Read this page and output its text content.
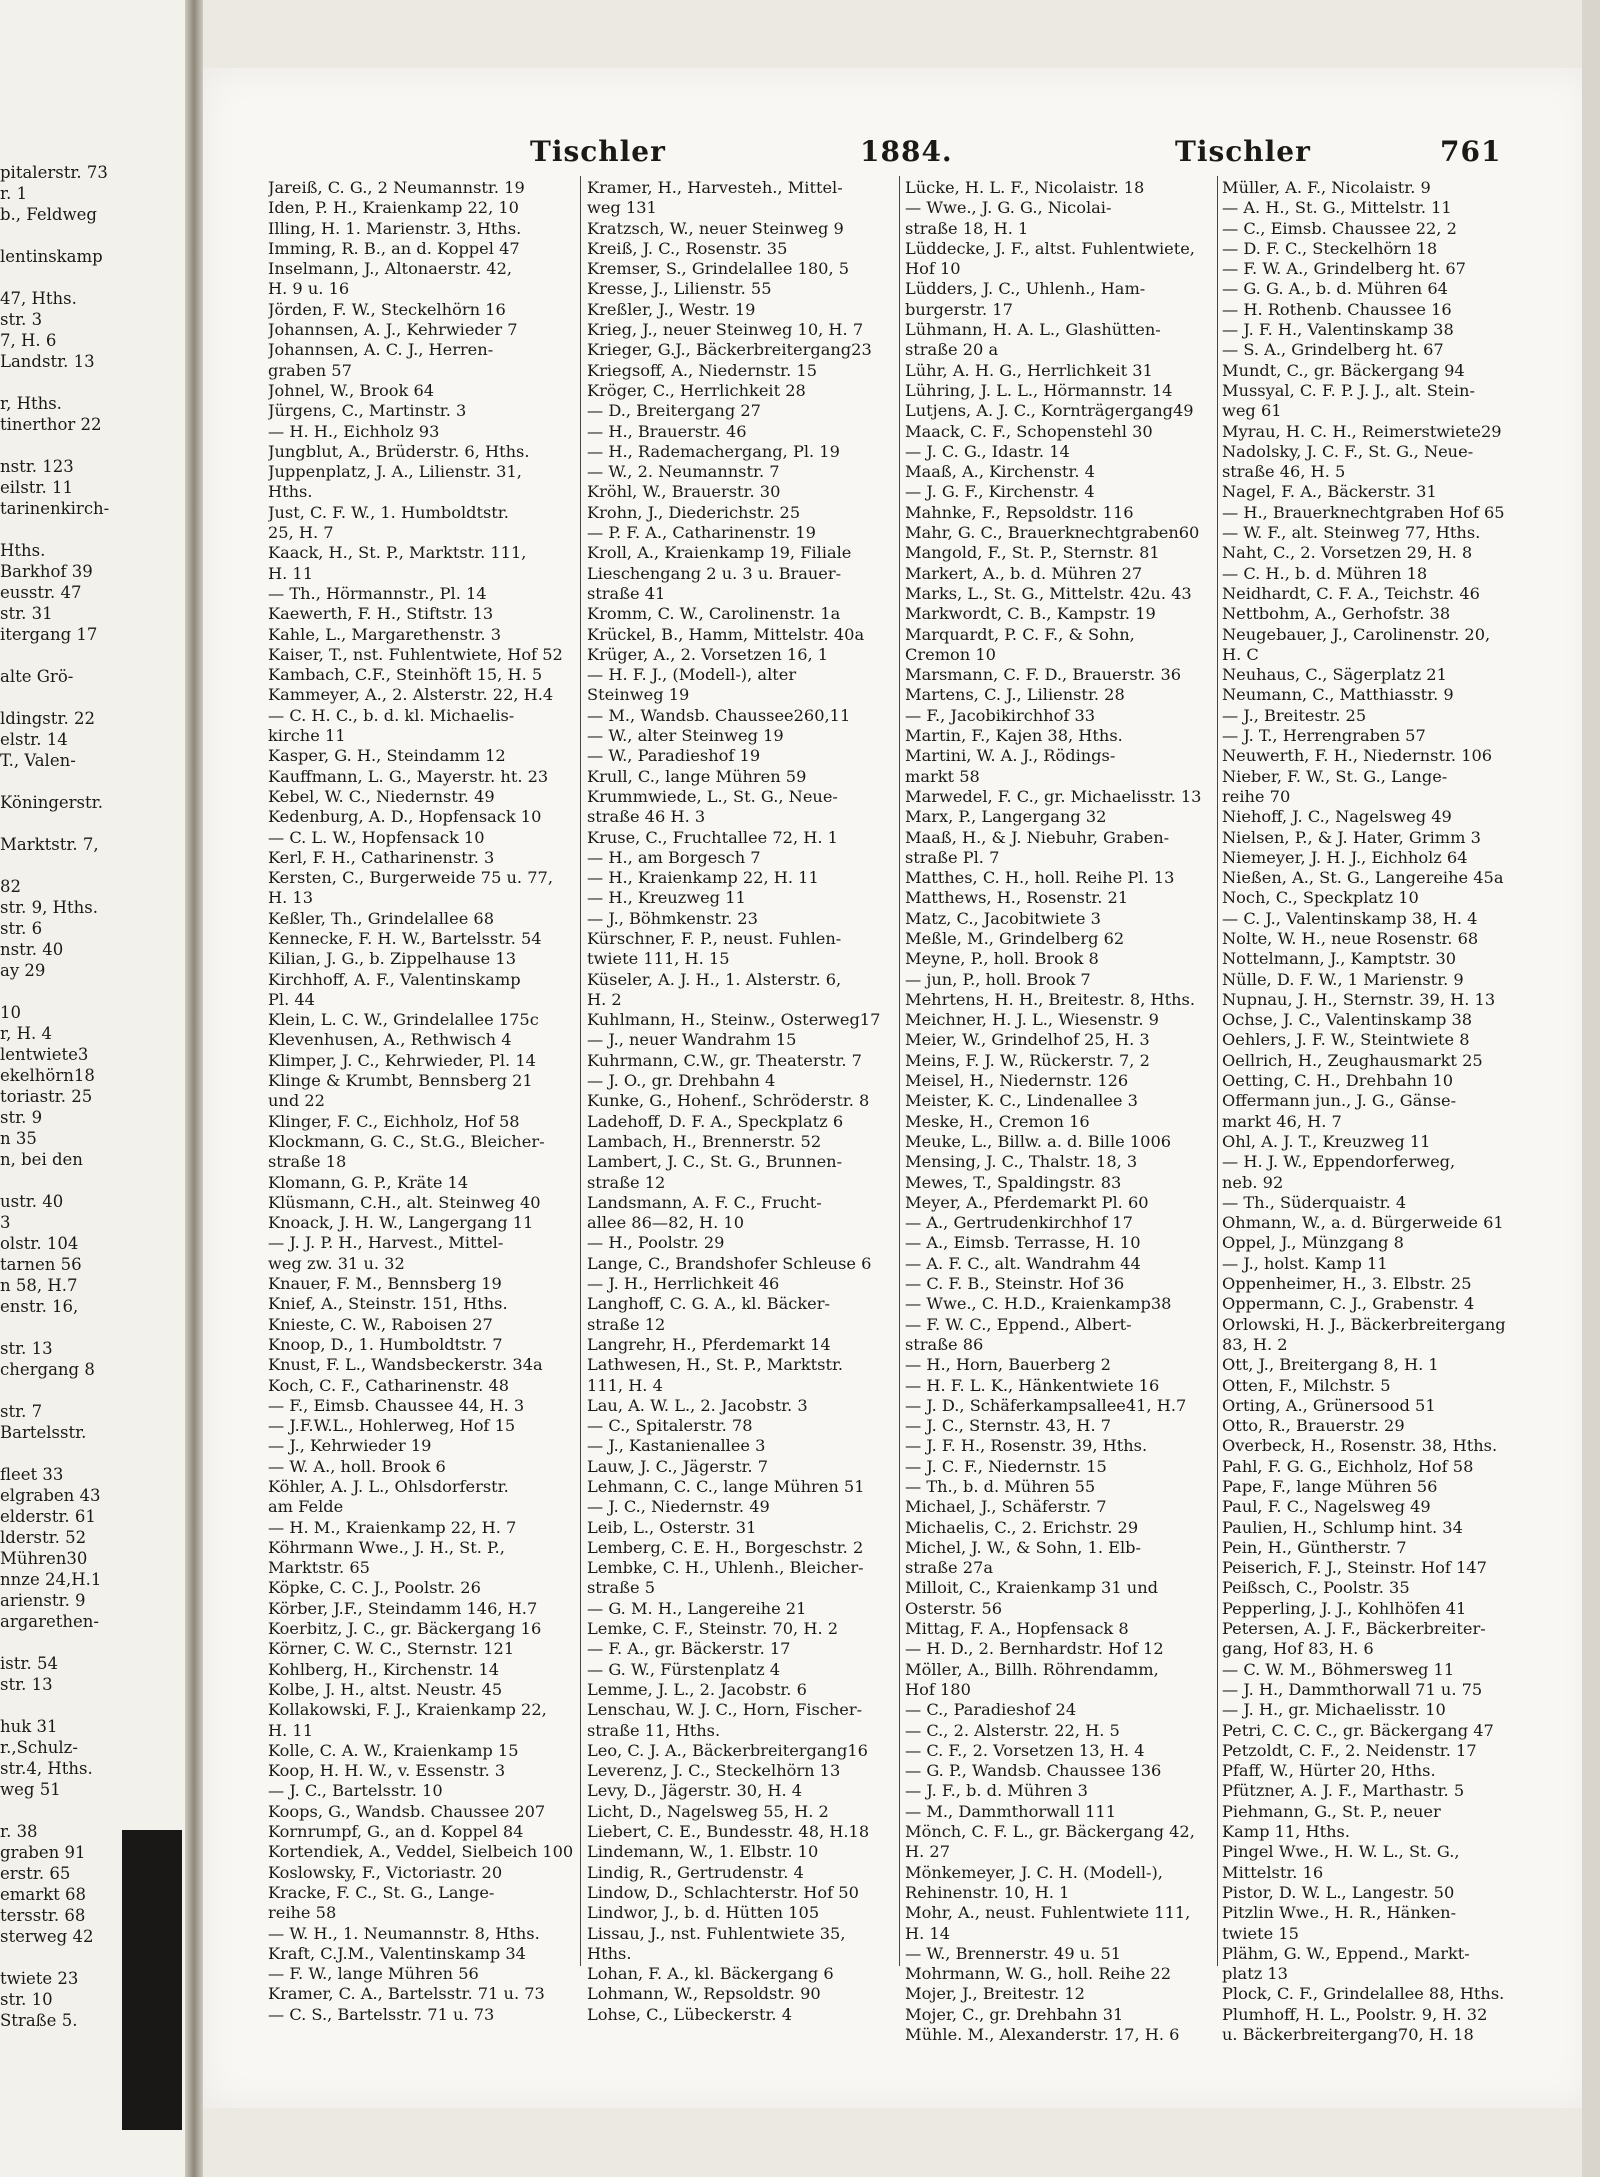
pitalerstr. 73
r. 1
b., Feldweg
lentinskamp
47, Hths.
str. 3
7, H. 6
Landstr. 13
r, Hths.
tinerthor 22
nstr. 123
eilstr. 11
tarinenkirch-
Hths.
Barkhof 39
eusstr. 47
str. 31
itergang 17
alte Grö-
ldingstr. 22
elstr. 14
T., Valen-
Köningerstr.
Marktstr. 7,
82
str. 9, Hths.
str. 6
nstr. 40
ay 29
10
r, H. 4
lentwiete3
ekelhörn18
toriastr. 25
str. 9
n 35
n, bei den
ustr. 40
3
olstr. 104
tarnen 56
n 58, H.7
enstr. 16,
str. 13
chergang 8
str. 7
Bartelsstr.
fleet 33
elgraben 43
elderstr. 61
lderstr. 52
Mühren30
nnze 24,H.1
arienstr. 9
argarethen-
istr. 54
str. 13
huk 31
r.,Schulz-
str.4, Hths.
weg 51
r. 38
graben 91
erstr. 65
emarkt 68
tersstr. 68
sterweg 42
twiete 23
str. 10
Straße 5.
Tischler	1884.	Tischler	761
Jareiß, C. G., 2 Neumannstr. 19
Iden, P. H., Kraienkamp 22, 10
Illing, H. 1. Marienstr. 3, Hths.
Imming, R. B., an d. Koppel 47
Inselmann, J., Altonaerstr. 42,
H. 9 u. 16
Jörden, F. W., Steckelhörn 16
Johannsen, A. J., Kehrwieder 7
Johannsen, A. C. J., Herren-
graben 57
Johnel, W., Brook 64
Jürgens, C., Martinstr. 3
— H. H., Eichholz 93
Jungblut, A., Brüderstr. 6, Hths.
Juppenplatz, J. A., Lilienstr. 31,
Hths.
Just, C. F. W., 1. Humboldtstr.
25, H. 7
Kaack, H., St. P., Marktstr. 111,
H. 11
— Th., Hörmannstr., Pl. 14
Kaewerth, F. H., Stiftstr. 13
Kahle, L., Margarethenstr. 3
Kaiser, T., nst. Fuhlentwiete, Hof 52
Kambach, C.F., Steinhöft 15, H. 5
Kammeyer, A., 2. Alsterstr. 22, H.4
— C. H. C., b. d. kl. Michaelis-
kirche 11
Kasper, G. H., Steindamm 12
Kauffmann, L. G., Mayerstr. ht. 23
Kebel, W. C., Niedernstr. 49
Kedenburg, A. D., Hopfensack 10
— C. L. W., Hopfensack 10
Kerl, F. H., Catharinenstr. 3
Kersten, C., Burgerweide 75 u. 77,
H. 13
Keßler, Th., Grindelallee 68
Kennecke, F. H. W., Bartelsstr. 54
Kilian, J. G., b. Zippelhause 13
Kirchhoff, A. F., Valentinskamp
Pl. 44
Klein, L. C. W., Grindelallee 175c
Klevenhusen, A., Rethwisch 4
Klimper, J. C., Kehrwieder, Pl. 14
Klinge & Krumbt, Bennsberg 21
und 22
Klinger, F. C., Eichholz, Hof 58
Klockmann, G. C., St.G., Bleicher-
straße 18
Klomann, G. P., Kräte 14
Klüsmann, C.H., alt. Steinweg 40
Knoack, J. H. W., Langergang 11
— J. J. P. H., Harvest., Mittel-
weg zw. 31 u. 32
Knauer, F. M., Bennsberg 19
Knief, A., Steinstr. 151, Hths.
Knieste, C. W., Raboisen 27
Knoop, D., 1. Humboldtstr. 7
Knust, F. L., Wandsbeckerstr. 34a
Koch, C. F., Catharinenstr. 48
— F., Eimsb. Chaussee 44, H. 3
— J.F.W.L., Hohlerweg, Hof 15
— J., Kehrwieder 19
— W. A., holl. Brook 6
Köhler, A. J. L., Ohlsdorferstr.
am Felde
— H. M., Kraienkamp 22, H. 7
Köhrmann Wwe., J. H., St. P.,
Marktstr. 65
Köpke, C. C. J., Poolstr. 26
Körber, J.F., Steindamm 146, H.7
Koerbitz, J. C., gr. Bäckergang 16
Körner, C. W. C., Sternstr. 121
Kohlberg, H., Kirchenstr. 14
Kolbe, J. H., altst. Neustr. 45
Kollakowski, F. J., Kraienkamp 22,
H. 11
Kolle, C. A. W., Kraienkamp 15
Koop, H. H. W., v. Essenstr. 3
— J. C., Bartelsstr. 10
Koops, G., Wandsb. Chaussee 207
Kornrumpf, G., an d. Koppel 84
Kortendiek, A., Veddel, Sielbeich 100
Koslowsky, F., Victoriastr. 20
Kracke, F. C., St. G., Lange-
reihe 58
— W. H., 1. Neumannstr. 8, Hths.
Kraft, C.J.M., Valentinskamp 34
— F. W., lange Mühren 56
Kramer, C. A., Bartelsstr. 71 u. 73
— C. S., Bartelsstr. 71 u. 73
Kramer, H., Harvesteh., Mittel-
weg 131
Kratzsch, W., neuer Steinweg 9
Kreiß, J. C., Rosenstr. 35
Kremser, S., Grindelallee 180, 5
Kresse, J., Lilienstr. 55
Kreßler, J., Westr. 19
Krieg, J., neuer Steinweg 10, H. 7
Krieger, G.J., Bäckerbreitergang23
Kriegsoff, A., Niedernstr. 15
Kröger, C., Herrlichkeit 28
— D., Breitergang 27
— H., Brauerstr. 46
— H., Rademachergang, Pl. 19
— W., 2. Neumannstr. 7
Kröhl, W., Brauerstr. 30
Krohn, J., Diederichstr. 25
— P. F. A., Catharinenstr. 19
Kroll, A., Kraienkamp 19, Filiale
Lieschengang 2 u. 3 u. Brauer-
straße 41
Kromm, C. W., Carolinenstr. 1a
Krückel, B., Hamm, Mittelstr. 40a
Krüger, A., 2. Vorsetzen 16, 1
— H. F. J., (Modell-), alter
Steinweg 19
— M., Wandsb. Chaussee260,11
— W., alter Steinweg 19
— W., Paradieshof 19
Krull, C., lange Mühren 59
Krummwiede, L., St. G., Neue-
straße 46 H. 3
Kruse, C., Fruchtallee 72, H. 1
— H., am Borgesch 7
— H., Kraienkamp 22, H. 11
— H., Kreuzweg 11
— J., Böhmkenstr. 23
Kürschner, F. P., neust. Fuhlen-
twiete 111, H. 15
Küseler, A. J. H., 1. Alsterstr. 6,
H. 2
Kuhlmann, H., Steinw., Osterweg17
— J., neuer Wandrahm 15
Kuhrmann, C.W., gr. Theaterstr. 7
— J. O., gr. Drehbahn 4
Kunke, G., Hohenf., Schröderstr. 8
Ladehoff, D. F. A., Speckplatz 6
Lambach, H., Brennerstr. 52
Lambert, J. C., St. G., Brunnen-
straße 12
Landsmann, A. F. C., Frucht-
allee 86—82, H. 10
— H., Poolstr. 29
Lange, C., Brandshofer Schleuse 6
— J. H., Herrlichkeit 46
Langhoff, C. G. A., kl. Bäcker-
straße 12
Langrehr, H., Pferdemarkt 14
Lathwesen, H., St. P., Marktstr.
111, H. 4
Lau, A. W. L., 2. Jacobstr. 3
— C., Spitalerstr. 78
— J., Kastanienallee 3
Lauw, J. C., Jägerstr. 7
Lehmann, C. C., lange Mühren 51
— J. C., Niedernstr. 49
Leib, L., Osterstr. 31
Lemberg, C. E. H., Borgeschstr. 2
Lembke, C. H., Uhlenh., Bleicher-
straße 5
— G. M. H., Langereihe 21
Lemke, C. F., Steinstr. 70, H. 2
— F. A., gr. Bäckerstr. 17
— G. W., Fürstenplatz 4
Lemme, J. L., 2. Jacobstr. 6
Lenschau, W. J. C., Horn, Fischer-
straße 11, Hths.
Leo, C. J. A., Bäckerbreitergang16
Leverenz, J. C., Steckelhörn 13
Levy, D., Jägerstr. 30, H. 4
Licht, D., Nagelsweg 55, H. 2
Liebert, C. E., Bundesstr. 48, H.18
Lindemann, W., 1. Elbstr. 10
Lindig, R., Gertrudenstr. 4
Lindow, D., Schlachterstr. Hof 50
Lindwor, J., b. d. Hütten 105
Lissau, J., nst. Fuhlentwiete 35,
Hths.
Lohan, F. A., kl. Bäckergang 6
Lohmann, W., Repsoldstr. 90
Lohse, C., Lübeckerstr. 4
Lücke, H. L. F., Nicolaistr. 18
— Wwe., J. G. G., Nicolai-
straße 18, H. 1
Lüddecke, J. F., altst. Fuhlentwiete,
Hof 10
Lüdders, J. C., Uhlenh., Ham-
burgerstr. 17
Lühmann, H. A. L., Glashütten-
straße 20 a
Lühr, A. H. G., Herrlichkeit 31
Lühring, J. L. L., Hörmannstr. 14
Lutjens, A. J. C., Kornträgergang49
Maack, C. F., Schopenstehl 30
— J. C. G., Idastr. 14
Maaß, A., Kirchenstr. 4
— J. G. F., Kirchenstr. 4
Mahnke, F., Repsoldstr. 116
Mahr, G. C., Brauerknechtgraben60
Mangold, F., St. P., Sternstr. 81
Markert, A., b. d. Mühren 27
Marks, L., St. G., Mittelstr. 42u. 43
Markwordt, C. B., Kampstr. 19
Marquardt, P. C. F., & Sohn,
Cremon 10
Marsmann, C. F. D., Brauerstr. 36
Martens, C. J., Lilienstr. 28
— F., Jacobikirchhof 33
Martin, F., Kajen 38, Hths.
Martini, W. A. J., Rödings-
markt 58
Marwedel, F. C., gr. Michaelisstr. 13
Marx, P., Langergang 32
Maaß, H., & J. Niebuhr, Graben-
straße Pl. 7
Matthes, C. H., holl. Reihe Pl. 13
Matthews, H., Rosenstr. 21
Matz, C., Jacobitwiete 3
Meßle, M., Grindelberg 62
Meyne, P., holl. Brook 8
— jun, P., holl. Brook 7
Mehrtens, H. H., Breitestr. 8, Hths.
Meichner, H. J. L., Wiesenstr. 9
Meier, W., Grindelhof 25, H. 3
Meins, F. J. W., Rückerstr. 7, 2
Meisel, H., Niedernstr. 126
Meister, K. C., Lindenallee 3
Meske, H., Cremon 16
Meuke, L., Billw. a. d. Bille 1006
Mensing, J. C., Thalstr. 18, 3
Mewes, T., Spaldingstr. 83
Meyer, A., Pferdemarkt Pl. 60
— A., Gertrudenkirchhof 17
— A., Eimsb. Terrasse, H. 10
— A. F. C., alt. Wandrahm 44
— C. F. B., Steinstr. Hof 36
— Wwe., C. H.D., Kraienkamp38
— F. W. C., Eppend., Albert-
straße 86
— H., Horn, Bauerberg 2
— H. F. L. K., Hänkentwiete 16
— J. D., Schäferkampsallee41, H.7
— J. C., Sternstr. 43, H. 7
— J. F. H., Rosenstr. 39, Hths.
— J. C. F., Niedernstr. 15
— Th., b. d. Mühren 55
Michael, J., Schäferstr. 7
Michaelis, C., 2. Erichstr. 29
Michel, J. W., & Sohn, 1. Elb-
straße 27a
Milloit, C., Kraienkamp 31 und
Osterstr. 56
Mittag, F. A., Hopfensack 8
— H. D., 2. Bernhardstr. Hof 12
Möller, A., Billh. Röhrendamm,
Hof 180
— C., Paradieshof 24
— C., 2. Alsterstr. 22, H. 5
— C. F., 2. Vorsetzen 13, H. 4
— G. P., Wandsb. Chaussee 136
— J. F., b. d. Mühren 3
— M., Dammthorwall 111
Mönch, C. F. L., gr. Bäckergang 42,
H. 27
Mönkemeyer, J. C. H. (Modell-),
Rehinenstr. 10, H. 1
Mohr, A., neust. Fuhlentwiete 111,
H. 14
— W., Brennerstr. 49 u. 51
Mohrmann, W. G., holl. Reihe 22
Mojer, J., Breitestr. 12
Mojer, C., gr. Drehbahn 31
Mühle. M., Alexanderstr. 17, H. 6
Müller, A. F., Nicolaistr. 9
— A. H., St. G., Mittelstr. 11
— C., Eimsb. Chaussee 22, 2
— D. F. C., Steckelhörn 18
— F. W. A., Grindelberg ht. 67
— G. G. A., b. d. Mühren 64
— H. Rothenb. Chaussee 16
— J. F. H., Valentinskamp 38
— S. A., Grindelberg ht. 67
Mundt, C., gr. Bäckergang 94
Mussyal, C. F. P. J. J., alt. Stein-
weg 61
Myrau, H. C. H., Reimerstwiete29
Nadolsky, J. C. F., St. G., Neue-
straße 46, H. 5
Nagel, F. A., Bäckerstr. 31
— H., Brauerknechtgraben Hof 65
— W. F., alt. Steinweg 77, Hths.
Naht, C., 2. Vorsetzen 29, H. 8
— C. H., b. d. Mühren 18
Neidhardt, C. F. A., Teichstr. 46
Nettbohm, A., Gerhofstr. 38
Neugebauer, J., Carolinenstr. 20,
H. C
Neuhaus, C., Sägerplatz 21
Neumann, C., Matthiasstr. 9
— J., Breitestr. 25
— J. T., Herrengraben 57
Neuwerth, F. H., Niedernstr. 106
Nieber, F. W., St. G., Lange-
reihe 70
Niehoff, J. C., Nagelsweg 49
Nielsen, P., & J. Hater, Grimm 3
Niemeyer, J. H. J., Eichholz 64
Nießen, A., St. G., Langereihe 45a
Noch, C., Speckplatz 10
— C. J., Valentinskamp 38, H. 4
Nolte, W. H., neue Rosenstr. 68
Nottelmann, J., Kamptstr. 30
Nülle, D. F. W., 1 Marienstr. 9
Nupnau, J. H., Sternstr. 39, H. 13
Ochse, J. C., Valentinskamp 38
Oehlers, J. F. W., Steintwiete 8
Oellrich, H., Zeughausmarkt 25
Oetting, C. H., Drehbahn 10
Offermann jun., J. G., Gänse-
markt 46, H. 7
Ohl, A. J. T., Kreuzweg 11
— H. J. W., Eppendorferweg,
neb. 92
— Th., Süderquaistr. 4
Ohmann, W., a. d. Bürgerweide 61
Oppel, J., Münzgang 8
— J., holst. Kamp 11
Oppenheimer, H., 3. Elbstr. 25
Oppermann, C. J., Grabenstr. 4
Orlowski, H. J., Bäckerbreitergang
83, H. 2
Ott, J., Breitergang 8, H. 1
Otten, F., Milchstr. 5
Orting, A., Grünersood 51
Otto, R., Brauerstr. 29
Overbeck, H., Rosenstr. 38, Hths.
Pahl, F. G. G., Eichholz, Hof 58
Pape, F., lange Mühren 56
Paul, F. C., Nagelsweg 49
Paulien, H., Schlump hint. 34
Pein, H., Güntherstr. 7
Peiserich, F. J., Steinstr. Hof 147
Peißsch, C., Poolstr. 35
Pepperling, J. J., Kohlhöfen 41
Petersen, A. J. F., Bäckerbreiter-
gang, Hof 83, H. 6
— C. W. M., Böhmersweg 11
— J. H., Dammthorwall 71 u. 75
— J. H., gr. Michaelisstr. 10
Petri, C. C. C., gr. Bäckergang 47
Petzoldt, C. F., 2. Neidenstr. 17
Pfaff, W., Hürter 20, Hths.
Pfützner, A. J. F., Marthastr. 5
Piehmann, G., St. P., neuer
Kamp 11, Hths.
Pingel Wwe., H. W. L., St. G.,
Mittelstr. 16
Pistor, D. W. L., Langestr. 50
Pitzlin Wwe., H. R., Hänken-
twiete 15
Plähm, G. W., Eppend., Markt-
platz 13
Plock, C. F., Grindelallee 88, Hths.
Plumhoff, H. L., Poolstr. 9, H. 32
u. Bäckerbreitergang70, H. 18
